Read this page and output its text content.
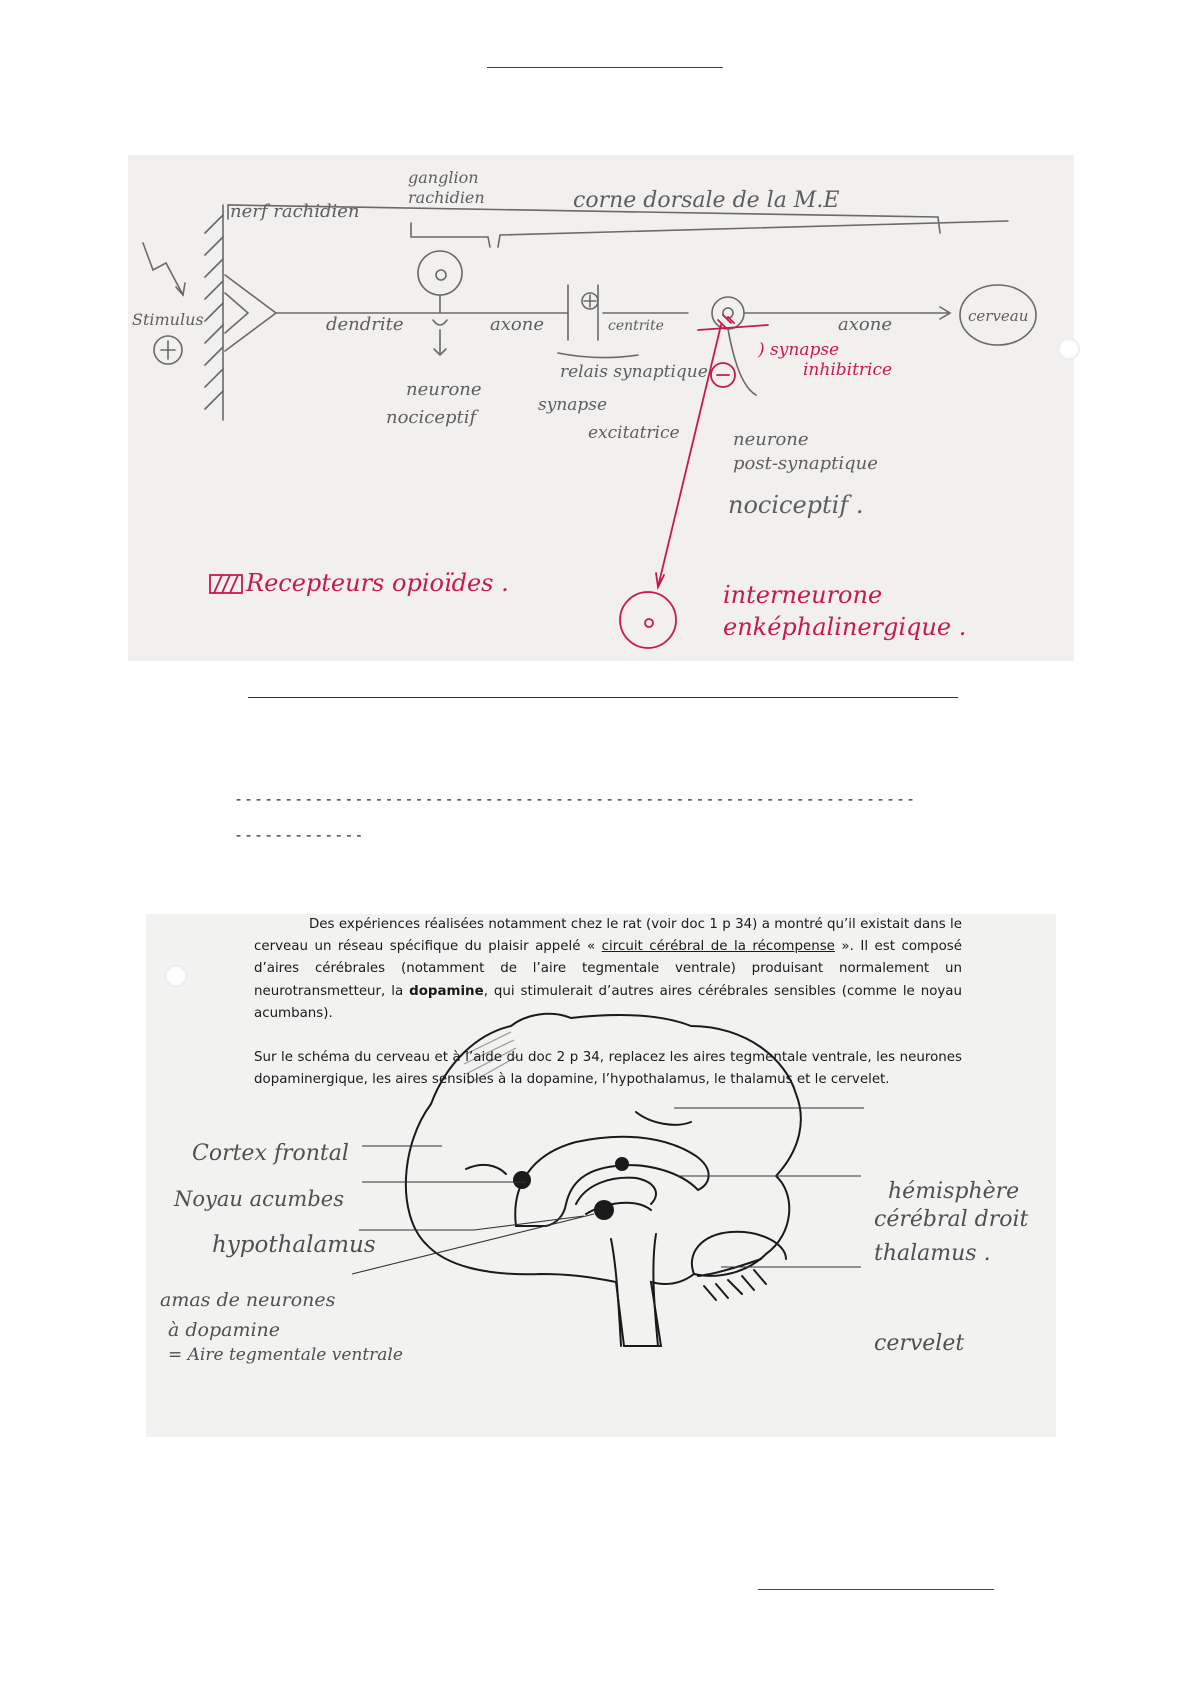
nerf rachidien
ganglion rachidien	corne dorsale de la M.E
Stimulus	dendrite	axone	centrite	axone	cerveau
neurone nociceptif
relais synaptique
synapse excitatrice	neurone post-synaptique
nociceptif .
) synapse inhibitrice
Recepteurs opioïdes .	interneurone enképhalinergique .
--------------------------------------------------------------------
-------------
Cortex frontal
Noyau acumbes
hypothalamus
amas de neurones à dopamine = Aire tegmentale ventrale
hémisphère cérébral droit
thalamus .
cervelet

Des expériences réalisées notamment chez le rat (voir doc 1 p 34) a montré qu’il existait dans le cerveau un réseau spécifique du plaisir appelé « circuit cérébral de la récompense ». Il est composé d’aires cérébrales (notamment de l’aire tegmentale ventrale) produisant normalement un neurotransmetteur, la dopamine, qui stimulerait d’autres aires cérébrales sensibles (comme le noyau acumbans).

Sur le schéma du cerveau et à l’aide du doc 2 p 34, replacez les aires tegmentale ventrale, les neurones dopaminergique, les aires sensibles à la dopamine, l’hypothalamus, le thalamus et le cervelet.
